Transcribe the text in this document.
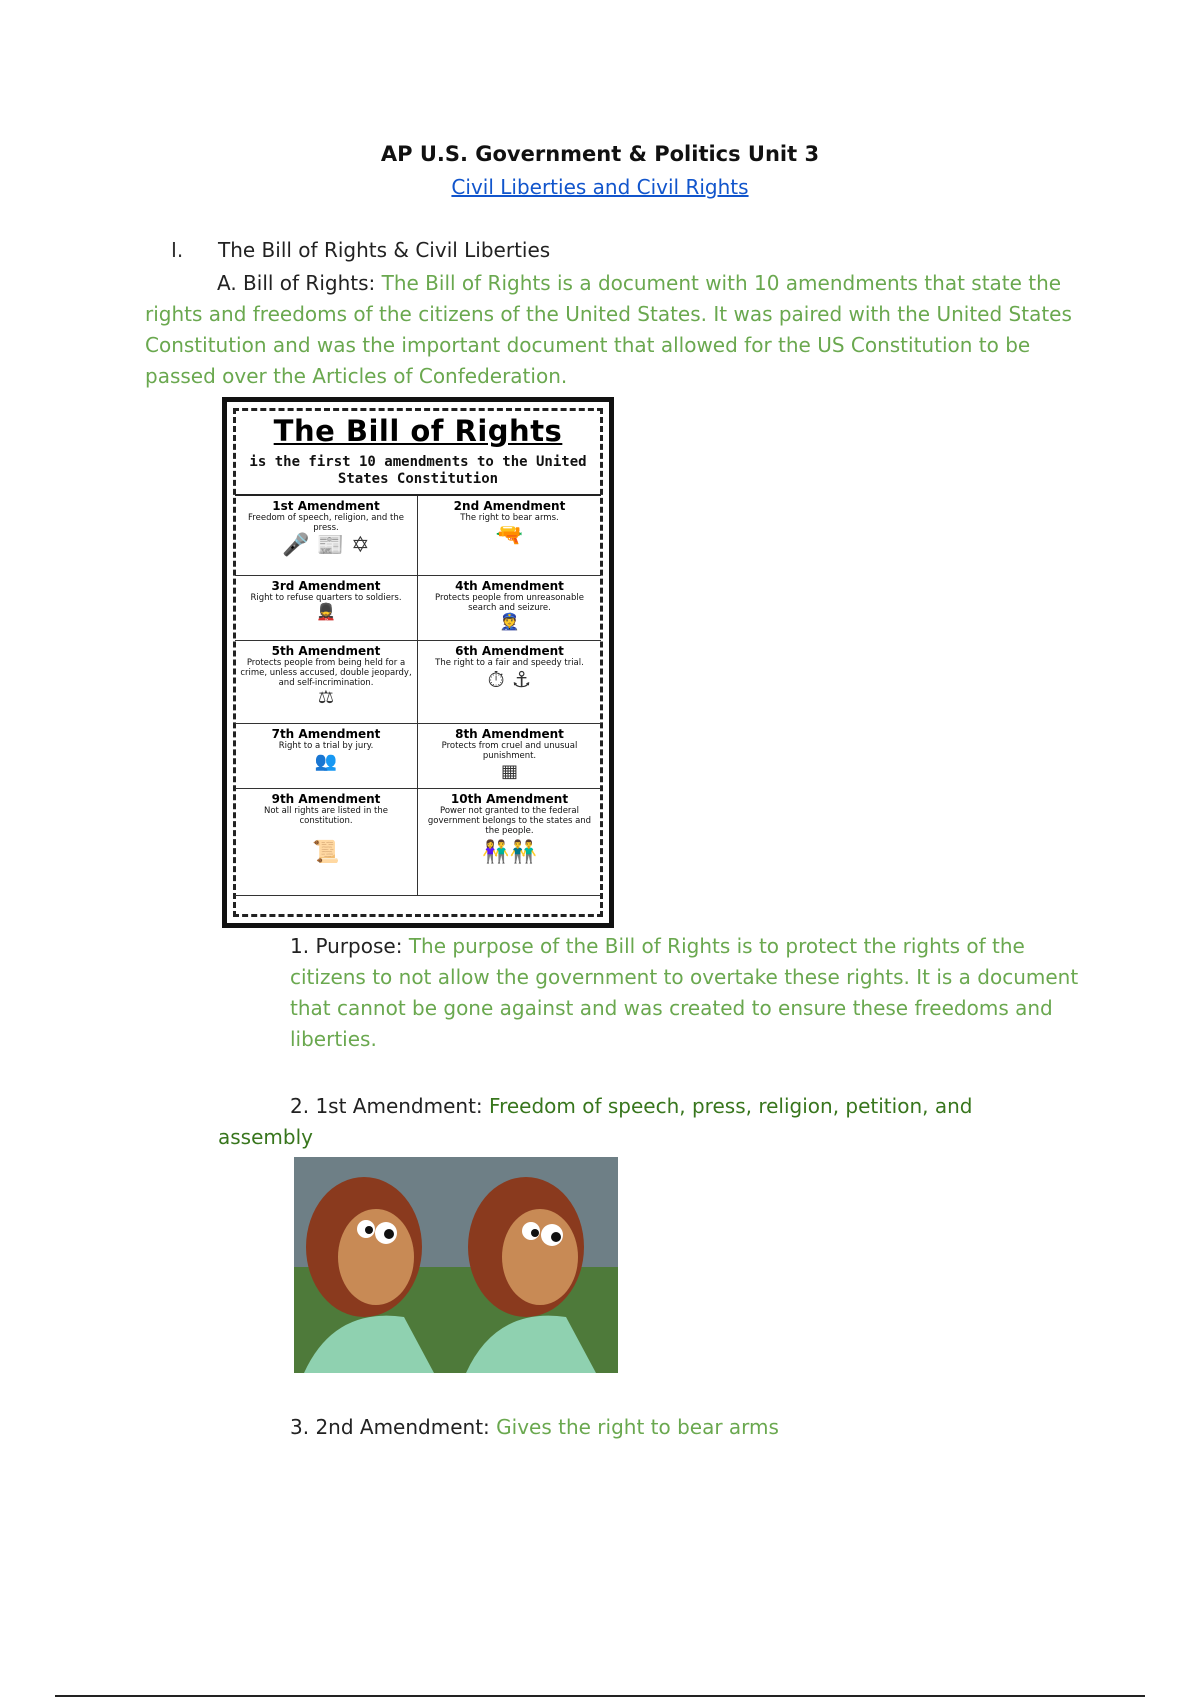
AP U.S. Government & Politics Unit 3
Civil Liberties and Civil Rights
I. The Bill of Rights & Civil Liberties
A. Bill of Rights: The Bill of Rights is a document with 10 amendments that state the rights and freedoms of the citizens of the United States. It was paired with the United States Constitution and was the important document that allowed for the US Constitution to be passed over the Articles of Confederation.
The Bill of Rights
is the first 10 amendments to the United States Constitution
1st Amendment
Freedom of speech, religion, and the press.
🎤 📰 ✡
2nd Amendment
The right to bear arms.
🔫
3rd Amendment
Right to refuse quarters to soldiers.
💂
4th Amendment
Protects people from unreasonable search and seizure.
👮
5th Amendment
Protects people from being held for a crime, unless accused, double jeopardy, and self-incrimination.
⚖
6th Amendment
The right to a fair and speedy trial.
⏱ ⚓
7th Amendment
Right to a trial by jury.
👥
8th Amendment
Protects from cruel and unusual punishment.
▦
9th Amendment
Not all rights are listed in the constitution.
📜
10th Amendment
Power not granted to the federal government belongs to the states and the people.
👫👬
1. Purpose: The purpose of the Bill of Rights is to protect the rights of the citizens to not allow the government to overtake these rights. It is a document that cannot be gone against and was created to ensure these freedoms and liberties.
2. 1st Amendment: Freedom of speech, press, religion, petition, and assembly
3. 2nd Amendment: Gives the right to bear arms
